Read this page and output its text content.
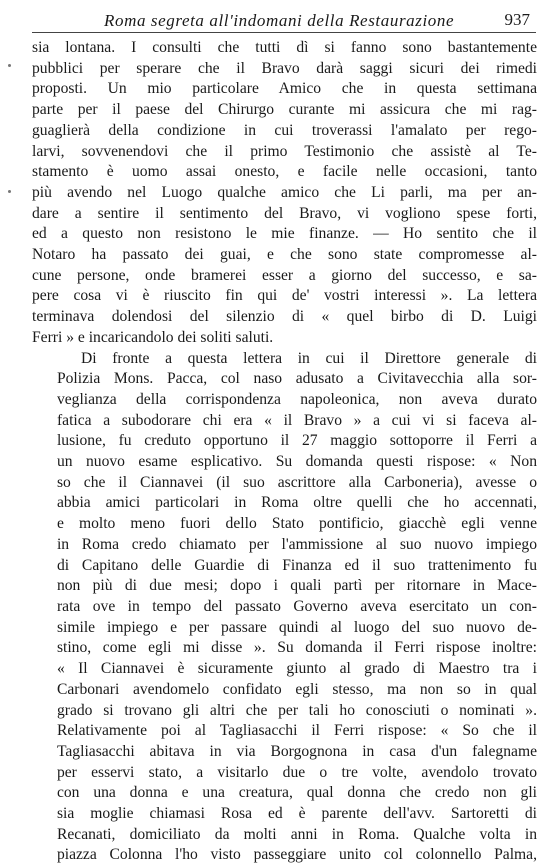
Roma segreta all'indomani della Restaurazione	937

sia lontana. I consulti che tutti dì si fanno sono bastantemente
pubblici per sperare che il Bravo darà saggi sicuri dei rimedi
proposti. Un mio particolare Amico che in questa settimana
parte per il paese del Chirurgo curante mi assicura che mi rag-
guaglierà della condizione in cui troverassi l'amalato per rego-
larvi, sovvenendovi che il primo Testimonio che assistè al Te-
stamento è uomo assai onesto, e facile nelle occasioni, tanto
più avendo nel Luogo qualche amico che Li parli, ma per an-
dare a sentire il sentimento del Bravo, vi vogliono spese forti,
ed a questo non resistono le mie finanze. — Ho sentito che il
Notaro ha passato dei guai, e che sono state compromesse al-
cune persone, onde bramerei esser a giorno del successo, e sa-
pere cosa vi è riuscito fin qui de' vostri interessi ». La lettera
terminava dolendosi del silenzio di « quel birbo di D. Luigi
Ferri » e incaricandolo dei soliti saluti.

Di fronte a questa lettera in cui il Direttore generale di
Polizia Mons. Pacca, col naso adusato a Civitavecchia alla sor-
veglianza della corrispondenza napoleonica, non aveva durato
fatica a subodorare chi era « il Bravo » a cui vi si faceva al-
lusione, fu creduto opportuno il 27 maggio sottoporre il Ferri a
un nuovo esame esplicativo. Su domanda questi rispose: « Non
so che il Ciannavei (il suo ascrittore alla Carboneria), avesse o
abbia amici particolari in Roma oltre quelli che ho accennati,
e molto meno fuori dello Stato pontificio, giacchè egli venne
in Roma credo chiamato per l'ammissione al suo nuovo impiego
di Capitano delle Guardie di Finanza ed il suo trattenimento fu
non più di due mesi; dopo i quali partì per ritornare in Mace-
rata ove in tempo del passato Governo aveva esercitato un con-
simile impiego e per passare quindi al luogo del suo nuovo de-
stino, come egli mi disse ». Su domanda il Ferri rispose inoltre:
« Il Ciannavei è sicuramente giunto al grado di Maestro tra i
Carbonari avendomelo confidato egli stesso, ma non so in qual
grado si trovano gli altri che per tali ho conosciuti o nominati ».
Relativamente poi al Tagliasacchi il Ferri rispose: « So che il
Tagliasacchi abitava in via Borgognona in casa d'un falegname
per esservi stato, a visitarlo due o tre volte, avendolo trovato
con una donna e una creatura, qual donna che credo non gli
sia moglie chiamasi Rosa ed è parente dell'avv. Sartoretti di
Recanati, domiciliato da molti anni in Roma. Qualche volta in
piazza Colonna l'ho visto passeggiare unito col colonnello Palma,
